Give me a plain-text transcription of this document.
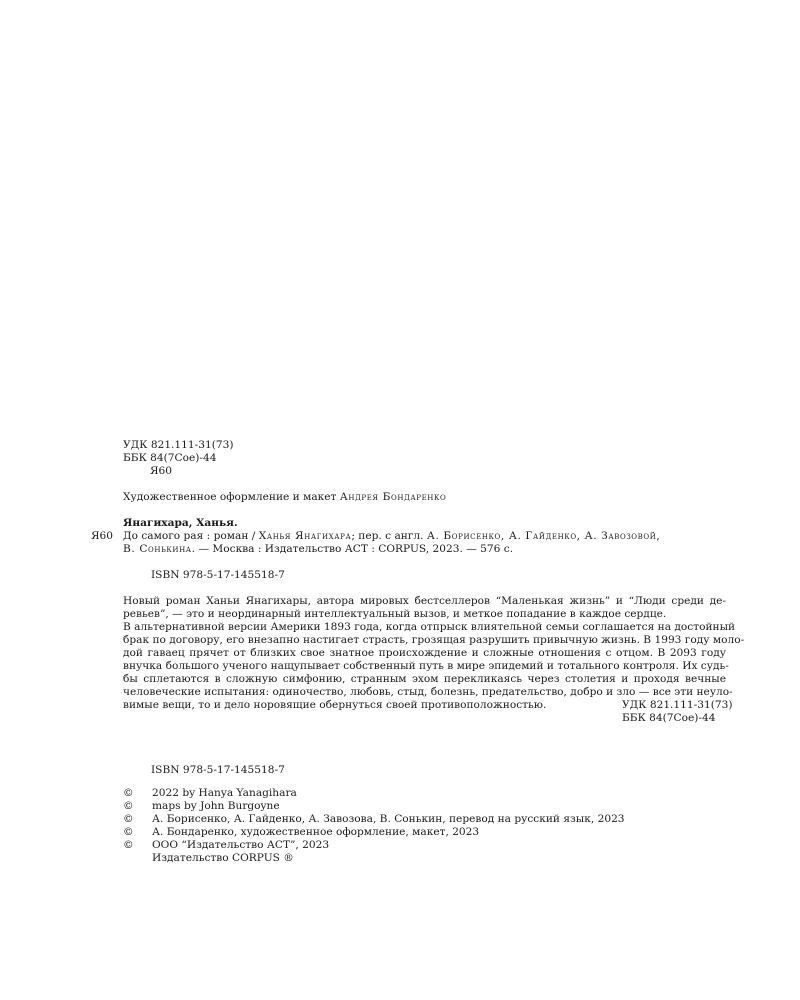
УДК 821.111-31(73)
ББК 84(7Сое)-44
Я60
Художественное оформление и макет Андрея Бондаренко
Янагихара, Ханья.
До самого рая : роман / Ханья Янагихара; пер. с англ. А. Борисенко, А. Гайденко, А. Завозовой,
В. Сонькина. — Москва : Издательство АСТ : CORPUS, 2023. — 576 с.
Я60
ISBN 978-5-17-145518-7
Новый роман Ханьи Янагихары, автора мировых бестселлеров “Маленькая жизнь” и “Люди среди де-
ревьев”, — это и неординарный интеллектуальный вызов, и меткое попадание в каждое сердце.
В альтернативной версии Америки 1893 года, когда отпрыск влиятельной семьи соглашается на достойный
брак по договору, его внезапно настигает страсть, грозящая разрушить привычную жизнь. В 1993 году моло-
дой гаваец прячет от близких свое знатное происхождение и сложные отношения с отцом. В 2093 году
внучка большого ученого нащупывает собственный путь в мире эпидемий и тотального контроля. Их судь-
бы сплетаются в сложную симфонию, странным эхом перекликаясь через столетия и проходя вечные
человеческие испытания: одиночество, любовь, стыд, болезнь, предательство, добро и зло — все эти неуло-
вимые вещи, то и дело норовящие обернуться своей противоположностью.	УДК 821.111-31(73)
ББК 84(7Сое)-44
ISBN 978-5-17-145518-7
© 2022 by Hanya Yanagihara
© maps by John Burgoyne
© А. Борисенко, А. Гайденко, А. Завозова, В. Сонькин, перевод на русский язык, 2023
© А. Бондаренко, художественное оформление, макет, 2023
© ООО “Издательство АСТ”, 2023
Издательство CORPUS ®
